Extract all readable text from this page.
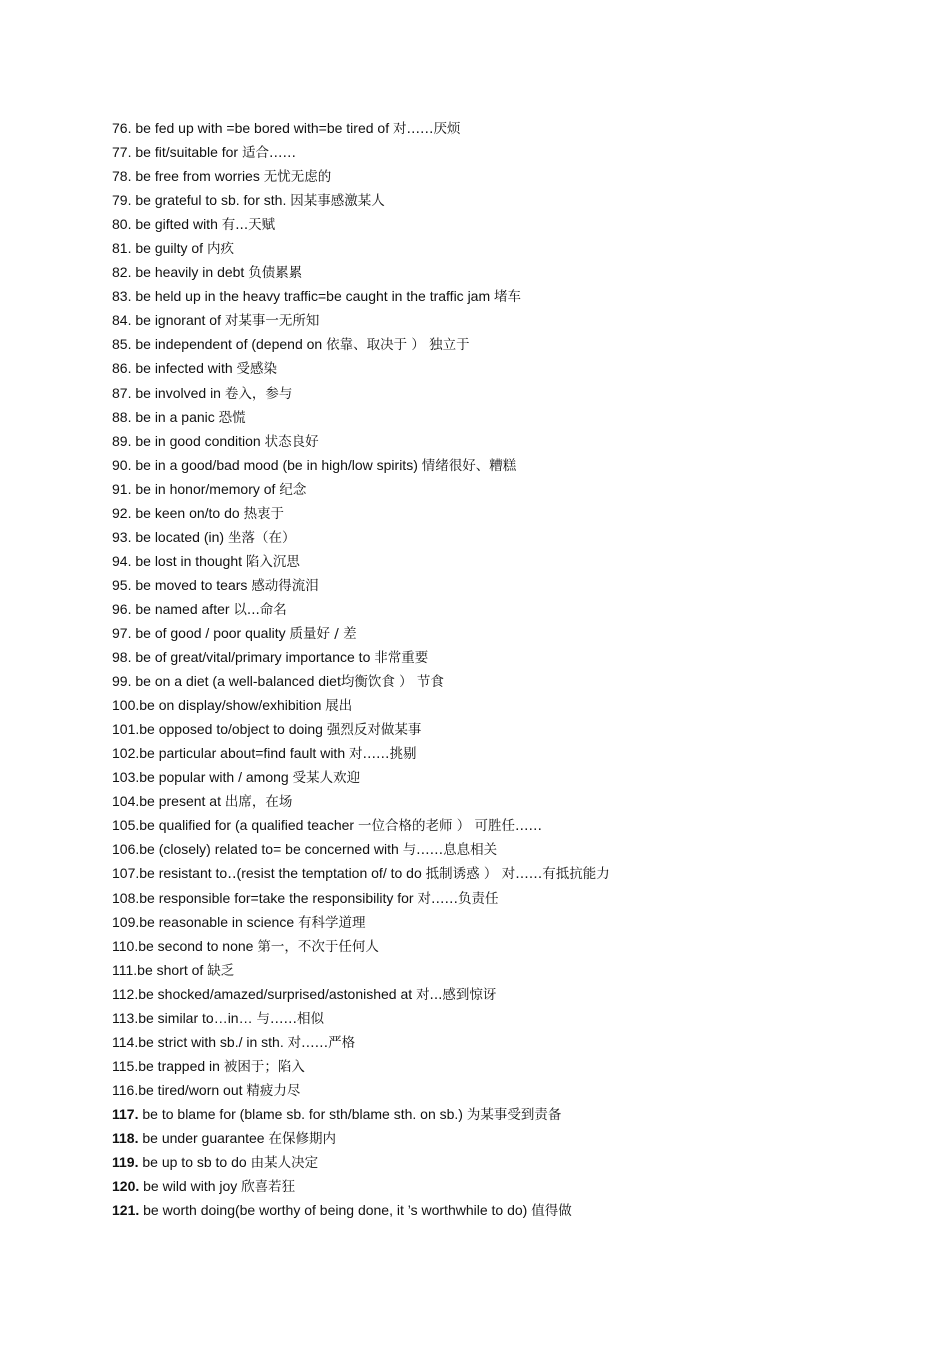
76. be fed up with =be bored with=be tired of 对……厌烦
77. be fit/suitable for 适合……
78. be free from worries 无忧无虑的
79. be grateful to sb. for sth. 因某事感激某人
80. be gifted with 有...天赋
81. be guilty of 内疚
82. be heavily in debt 负债累累
83. be held up in the heavy traffic=be caught in the traffic jam 堵车
84. be ignorant of 对某事一无所知
85. be independent of (depend on 依靠、取决于 ） 独立于
86. be infected with 受感染
87. be involved in 卷入，参与
88. be in a panic 恐慌
89. be in good condition 状态良好
90. be in a good/bad mood (be in high/low spirits) 情绪很好、糟糕
91. be in honor/memory of 纪念
92. be keen on/to do 热衷于
93. be located (in) 坐落（在）
94. be lost in thought 陷入沉思
95. be moved to tears 感动得流泪
96. be named after 以...命名
97. be of good / poor quality 质量好 / 差
98. be of great/vital/primary importance to 非常重要
99. be on a diet (a well-balanced diet均衡饮食 ） 节食
100.be on display/show/exhibition 展出
101.be opposed to/object to doing 强烈反对做某事
102.be particular about=find fault with 对……挑剔
103.be popular with / among 受某人欢迎
104.be present at 出席，在场
105.be qualified for (a qualified teacher 一位合格的老师 ） 可胜任……
106.be (closely) related to= be concerned with 与……息息相关
107.be resistant to‥(resist the temptation of/ to do 抵制诱惑 ） 对……有抵抗能力
108.be responsible for=take the responsibility for 对……负责任
109.be reasonable in science 有科学道理
110.be second to none 第一，不次于任何人
111.be short of 缺乏
112.be shocked/amazed/surprised/astonished at 对...感到惊讶
113.be similar to…in… 与……相似
114.be strict with sb./ in sth. 对……严格
115.be trapped in 被困于；陷入
116.be tired/worn out 精疲力尽
117. be to blame for (blame sb. for sth/blame sth. on sb.) 为某事受到责备
118. be under guarantee 在保修期内
119. be up to sb to do 由某人决定
120. be wild with joy 欣喜若狂
121. be worth doing(be worthy of being done, it ’s worthwhile to do) 值得做
